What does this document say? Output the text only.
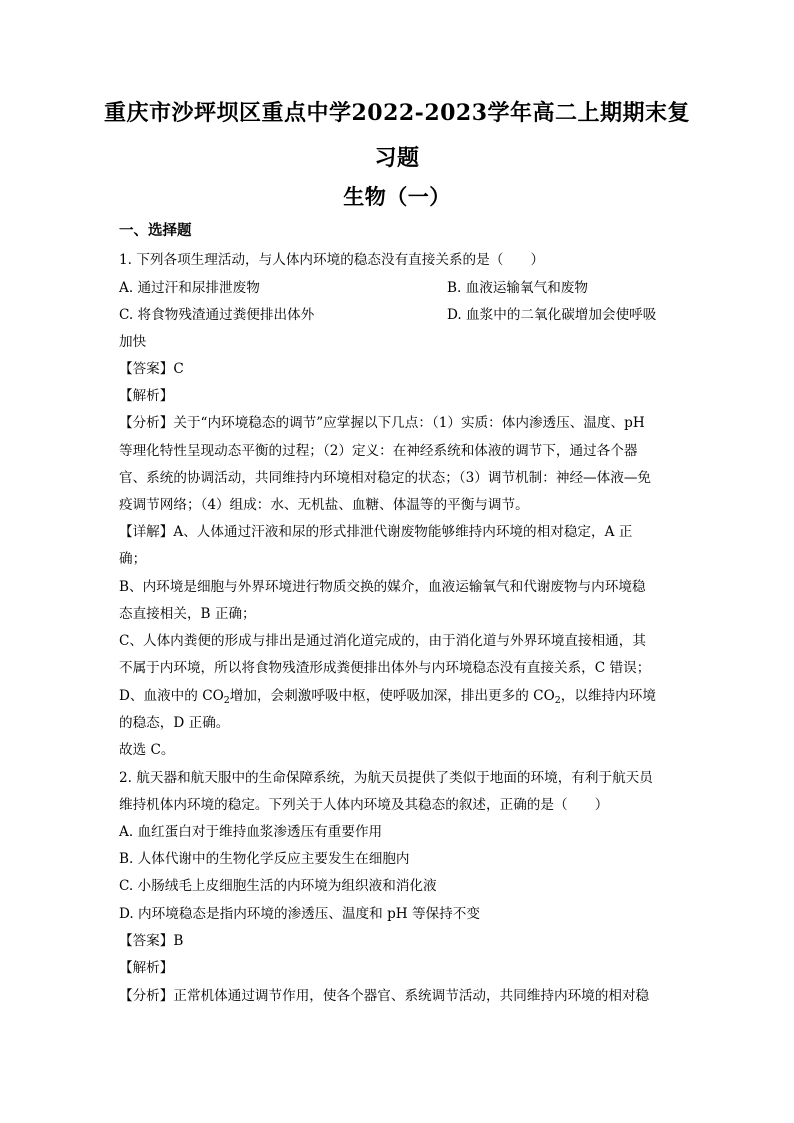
重庆市沙坪坝区重点中学2022-2023学年高二上期期末复
习题
生物（一）
一、选择题
1. 下列各项生理活动，与人体内环境的稳态没有直接关系的是（　　）
A. 通过汗和尿排泄废物	B. 血液运输氧气和废物
C. 将食物残渣通过粪便排出体外	D. 血浆中的二氧化碳增加会使呼吸
加快
【答案】C
【解析】
【分析】关于“内环境稳态的调节”应掌握以下几点：（1）实质：体内渗透压、温度、pH
等理化特性呈现动态平衡的过程；（2）定义：在神经系统和体液的调节下，通过各个器
官、系统的协调活动，共同维持内环境相对稳定的状态；（3）调节机制：神经—体液—免
疫调节网络；（4）组成：水、无机盐、血糖、体温等的平衡与调节。
【详解】A、人体通过汗液和尿的形式排泄代谢废物能够维持内环境的相对稳定，A 正
确；
B、内环境是细胞与外界环境进行物质交换的媒介，血液运输氧气和代谢废物与内环境稳
态直接相关，B 正确；
C、人体内粪便的形成与排出是通过消化道完成的，由于消化道与外界环境直接相通，其
不属于内环境，所以将食物残渣形成粪便排出体外与内环境稳态没有直接关系，C 错误；
D、血液中的 $CO_2$增加，会刺激呼吸中枢，使呼吸加深，排出更多的 $CO_2$，以维持内环境
的稳态，D 正确。
故选 C。
2. 航天器和航天服中的生命保障系统，为航天员提供了类似于地面的环境，有利于航天员
维持机体内环境的稳定。下列关于人体内环境及其稳态的叙述，正确的是（　　）
A. 血红蛋白对于维持血浆渗透压有重要作用
B. 人体代谢中的生物化学反应主要发生在细胞内
C. 小肠绒毛上皮细胞生活的内环境为组织液和消化液
D. 内环境稳态是指内环境的渗透压、温度和 pH 等保持不变
【答案】B
【解析】
【分析】正常机体通过调节作用，使各个器官、系统调节活动，共同维持内环境的相对稳
